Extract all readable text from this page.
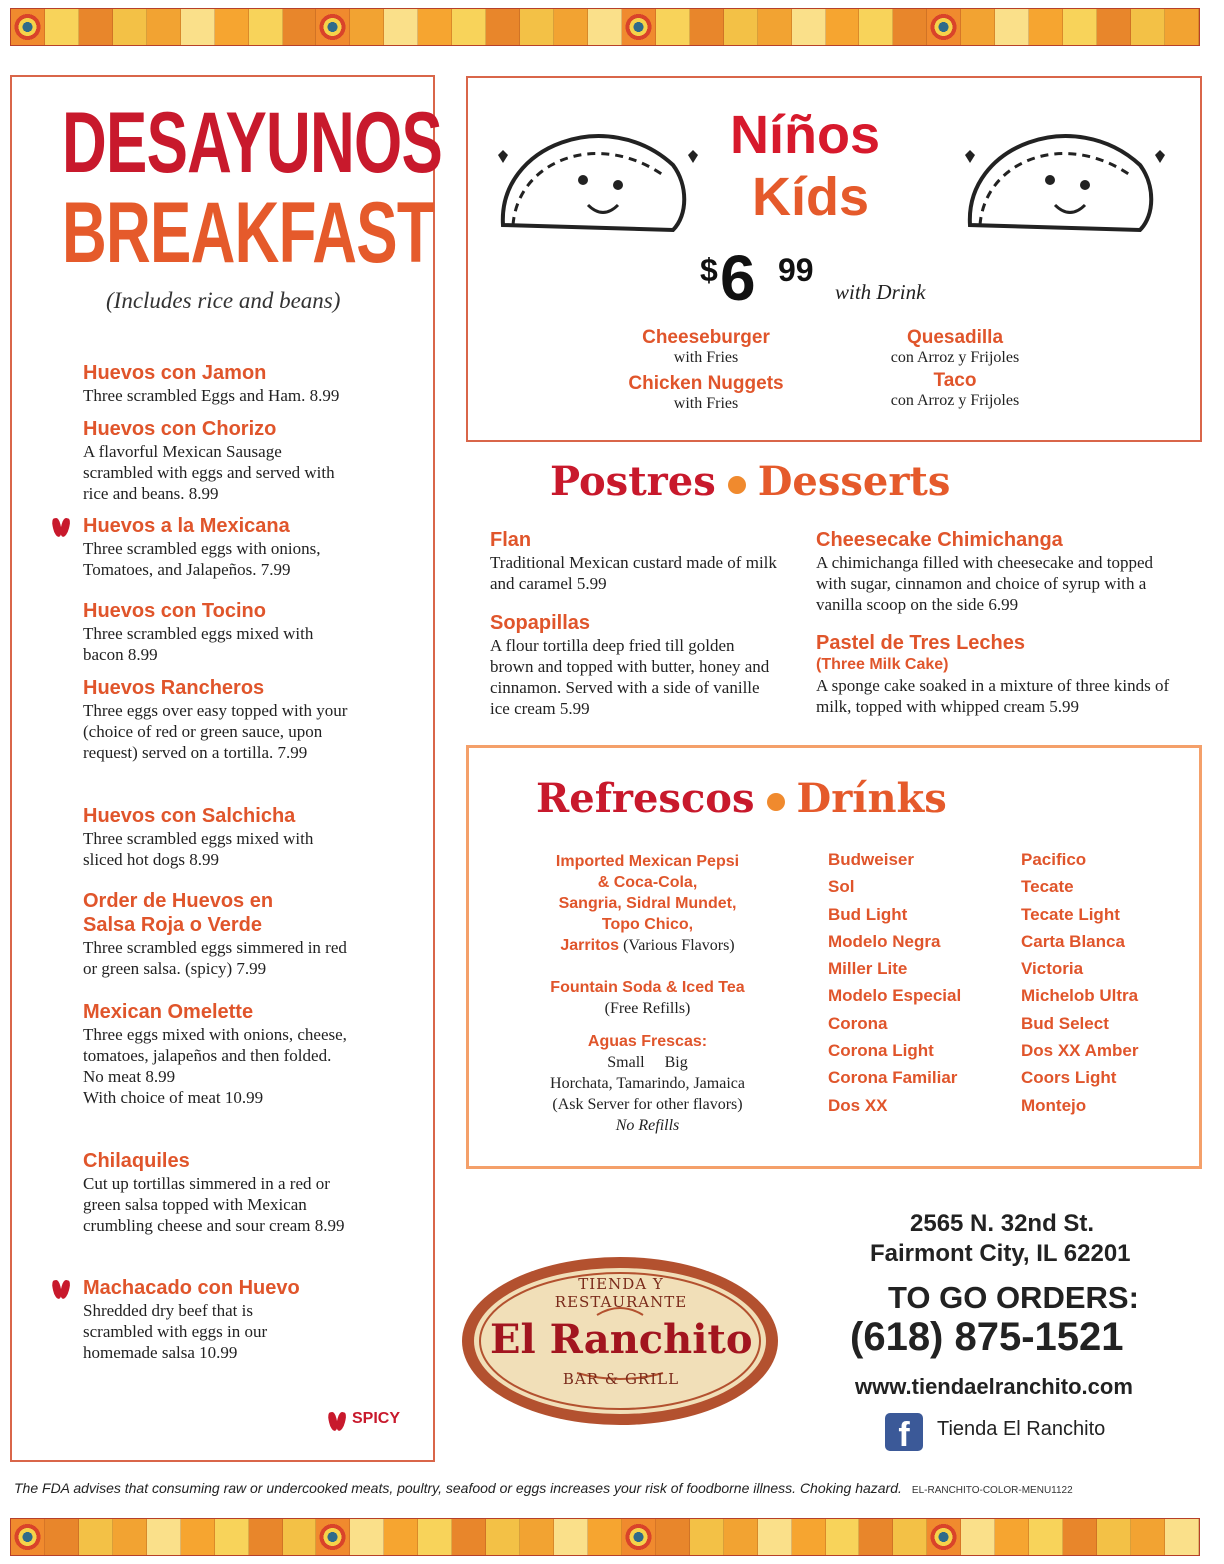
DESAYUNOS
BREAKFAST
(Includes rice and beans)
Huevos con Jamon
Three scrambled Eggs and Ham. 8.99
Huevos con Chorizo
A flavorful Mexican Sausage scrambled with eggs and served with rice and beans. 8.99
Huevos a la Mexicana
Three scrambled eggs with onions, Tomatoes, and Jalapeños. 7.99
Huevos con Tocino
Three scrambled eggs mixed with bacon 8.99
Huevos Rancheros
Three eggs over easy topped with your (choice of red or green sauce, upon request) served on a tortilla. 7.99
Huevos con Salchicha
Three scrambled eggs mixed with sliced hot dogs 8.99
Order de Huevos en Salsa Roja o Verde
Three scrambled eggs simmered in red or green salsa. (spicy) 7.99
Mexican Omelette
Three eggs mixed with onions, cheese, tomatoes, jalapeños and then folded.
No meat 8.99
With choice of meat 10.99
Chilaquiles
Cut up tortillas simmered in a red or green salsa topped with Mexican crumbling cheese and sour cream 8.99
Machacado con Huevo
Shredded dry beef that is scrambled with eggs in our homemade salsa 10.99
SPICY
Níños
Kíds
$ 6 99
with Drink
Cheeseburger
with Fries
Chicken Nuggets
with Fries
Quesadilla
con Arroz y Frijoles
Taco
con Arroz y Frijoles
Postres Desserts
Flan
Traditional Mexican custard made of milk and caramel 5.99
Sopapillas
A flour tortilla deep fried till golden brown and topped with butter, honey and cinnamon. Served with a side of vanille ice cream 5.99
Cheesecake Chimichanga
A chimichanga filled with cheesecake and topped with sugar, cinnamon and choice of syrup with a vanilla scoop on the side 6.99
Pastel de Tres Leches
(Three Milk Cake)
A sponge cake soaked in a mixture of three kinds of milk, topped with whipped cream 5.99
Refrescos Drínks
Imported Mexican Pepsi
& Coca-Cola,
Sangria, Sidral Mundet,
Topo Chico,
Jarritos (Various Flavors)
Fountain Soda & Iced Tea
(Free Refills)
Aguas Frescas:
Small     Big
Horchata, Tamarindo, Jamaica
(Ask Server for other flavors)
No Refills
Budweiser
Sol
Bud Light
Modelo Negra
Miller Lite
Modelo Especial
Corona
Corona Light
Corona Familiar
Dos XX
Pacifico
Tecate
Tecate Light
Carta Blanca
Victoria
Michelob Ultra
Bud Select
Dos XX Amber
Coors Light
Montejo
TIENDA Y RESTAURANTE
El Ranchito
BAR & GRILL
2565 N. 32nd St.
Fairmont City, IL 62201
TO GO ORDERS:
(618) 875-1521
www.tiendaelranchito.com
f	Tienda El Ranchito
The FDA advises that consuming raw or undercooked meats, poultry, seafood or eggs increases your risk of foodborne illness. Choking hazard. EL-RANCHITO-COLOR-MENU1122
